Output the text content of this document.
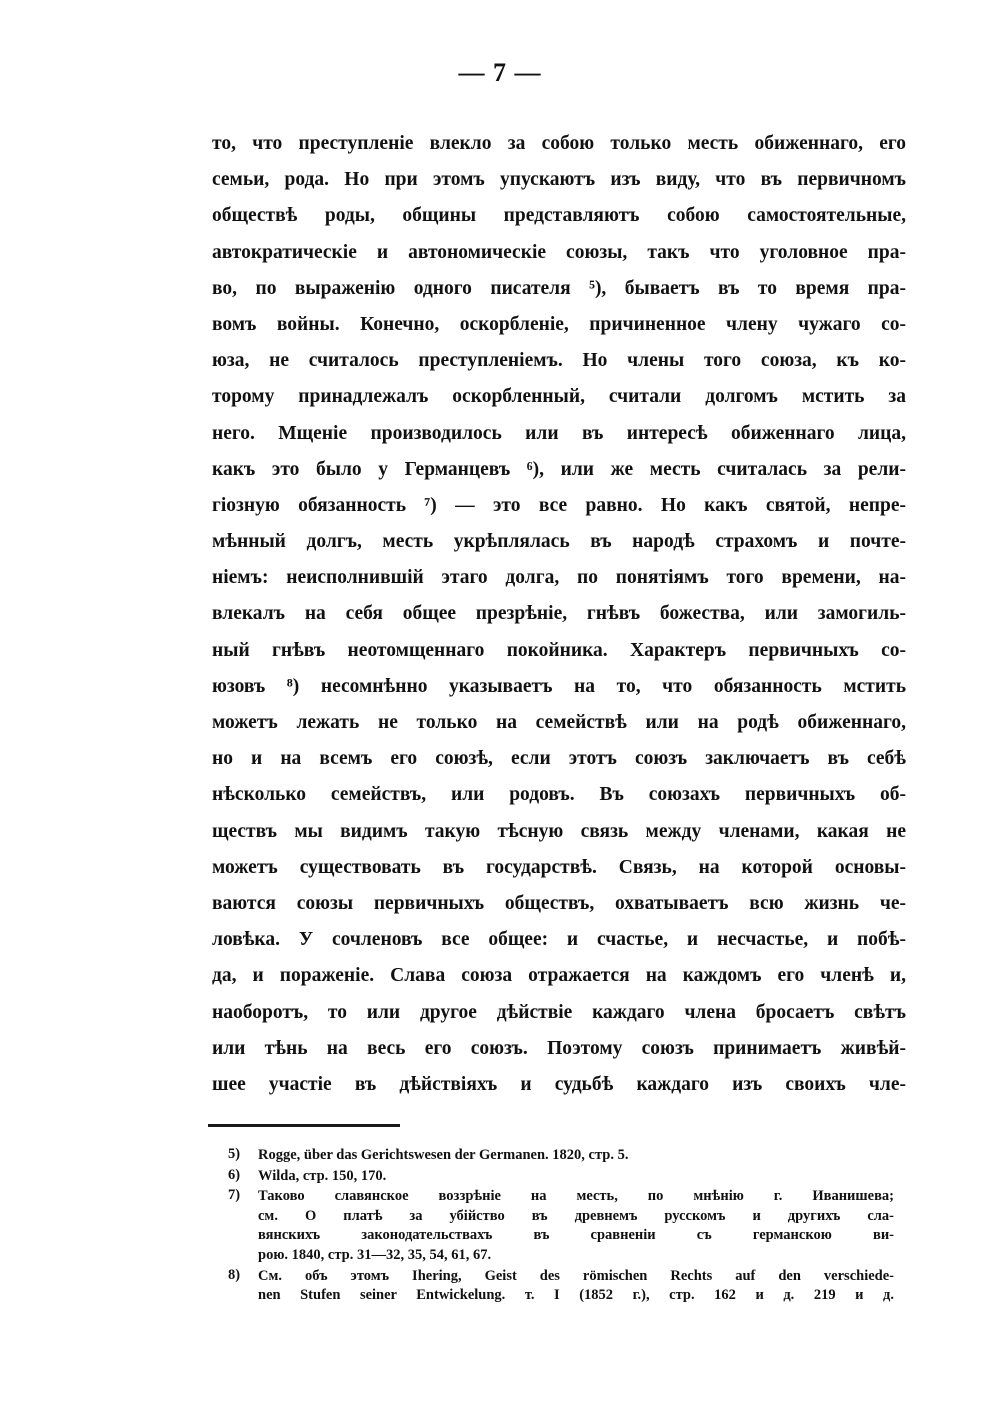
— 7 —
то, что преступленіе влекло за собою только месть обиженнаго, его
семьи, рода. Но при этомъ упускаютъ изъ виду, что въ первичномъ
обществѣ роды, общины представляютъ собою самостоятельные,
автократическіе и автономическіе союзы, такъ что уголовное пра-
во, по выраженію одного писателя ⁵), бываетъ въ то время пра-
вомъ войны. Конечно, оскорбленіе, причиненное члену чужаго со-
юза, не считалось преступленіемъ. Но члены того союза, къ ко-
торому принадлежалъ оскорбленный, считали долгомъ мстить за
него. Мщеніе производилось или въ интересѣ обиженнаго лица,
какъ это было у Германцевъ ⁶), или же месть считалась за рели-
гіозную обязанность ⁷) — это все равно. Но какъ святой, непре-
мѣнный долгъ, месть укрѣплялась въ народѣ страхомъ и почте-
ніемъ: неисполнившій этаго долга, по понятіямъ того времени, на-
влекалъ на себя общее презрѣніе, гнѣвъ божества, или замогиль-
ный гнѣвъ неотомщеннаго покойника. Характеръ первичныхъ со-
юзовъ ⁸) несомнѣнно указываетъ на то, что обязанность мстить
можетъ лежать не только на семействѣ или на родѣ обиженнаго,
но и на всемъ его союзѣ, если этотъ союзъ заключаетъ въ себѣ
нѣсколько семействъ, или родовъ. Въ союзахъ первичныхъ об-
ществъ мы видимъ такую тѣсную связь между членами, какая не
можетъ существовать въ государствѣ. Связь, на которой основы-
ваются союзы первичныхъ обществъ, охватываетъ всю жизнь че-
ловѣка. У сочленовъ все общее: и счастье, и несчастье, и побѣ-
да, и пораженіе. Слава союза отражается на каждомъ его членѣ и,
наоборотъ, то или другое дѣйствіе каждаго члена бросаетъ свѣтъ
или тѣнь на весь его союзъ. Поэтому союзъ принимаетъ живѣй-
шее участіе въ дѣйствіяхъ и судьбѣ каждаго изъ своихъ чле-
5) Rogge, über das Gerichtswesen der Germanen. 1820, стр. 5.
6) Wilda, стр. 150, 170.
7) Таково славянское воззрѣніе на месть, по мнѣнію г. Иванишева;
см. О платѣ за убійство въ древнемъ русскомъ и другихъ сла-
вянскихъ законодательствахъ въ сравненіи съ германскою ви-
рою. 1840, стр. 31—32, 35, 54, 61, 67.
8) См. объ этомъ Ihering, Geist des römischen Rechts auf den verschiede-
nen Stufen seiner Entwickelung. т. I (1852 г.), стр. 162 и д. 219 и д.
